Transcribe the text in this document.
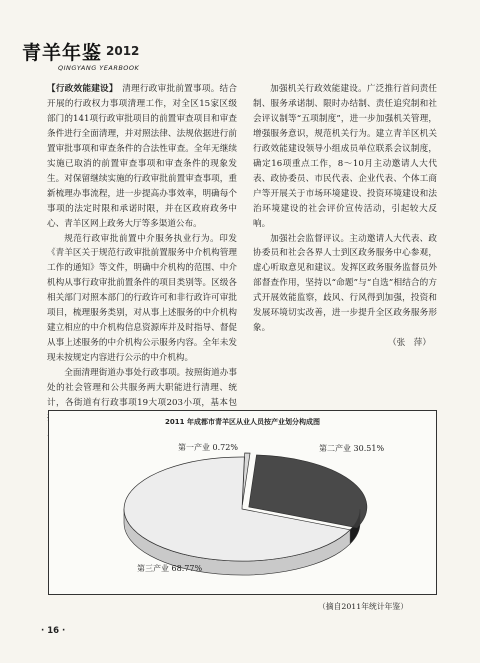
青羊年鉴 2012
QINGYANG YEARBOOK

【行政效能建设】　 清理行政审批前置事项。结合开展的行政权力事项清理工作，对全区15家区级部门的141项行政审批项目的前置审查项目和审查条件进行全面清理，并对照法律、法规依据进行前置审批事项和审查条件的合法性审查。全年无继续实施已取消的前置审查事项和审查条件的现象发生。对保留继续实施的行政审批前置审查事项，重新梳理办事流程，进一步提高办事效率，明确每个事项的法定时限和承诺时限，并在区政府政务中心、青羊区网上政务大厅等多渠道公布。

规范行政审批前置中介服务执业行为。印发《青羊区关于规范行政审批前置服务中介机构管理工作的通知》等文件，明确中介机构的范围、中介机构从事行政审批前置条件的项目类别等。区级各相关部门对照本部门的行政许可和非行政许可审批项目，梳理服务类别，对从事上述服务的中介机构建立相应的中介机构信息资源库并及时指导、督促从事上述服务的中介机构公示服务内容。全年未发现未按规定内容进行公示的中介机构。

全面清理街道办事处行政事项。按照街道办事处的社会管理和公共服务两大职能进行清理、统计，各街道有行政事项19大项203小项，基本包

加强机关行政效能建设。广泛推行首问责任制、服务承诺制、限时办结制、责任追究制和社会评议制等“五项制度”，进一步加强机关管理，增强服务意识，规范机关行为。建立青羊区机关行政效能建设领导小组成员单位联系会议制度，确定16项重点工作，8～10月主动邀请人大代表、政协委员、市民代表、企业代表、个体工商户等开展关于市场环境建设、投资环境建设和法治环境建设的社会评价宣传活动，引起较大反响。

加强社会监督评议。主动邀请人大代表、政协委员和社会各界人士到区政务服务中心参观，虚心听取意见和建议。发挥区政务服务监督员外部督查作用，坚持以“命题”与“自选”相结合的方式开展效能监察，歧风、行风得到加强，投资和发展环境切实改善，进一步提升全区政务服务形象。

（张　萍）

2011 年成都市青羊区从业人员按产业划分构成图
第一产业 0.72%	第二产业 30.51%
第三产业 68.77%
（摘自2011年统计年鉴）
· 16 ·
